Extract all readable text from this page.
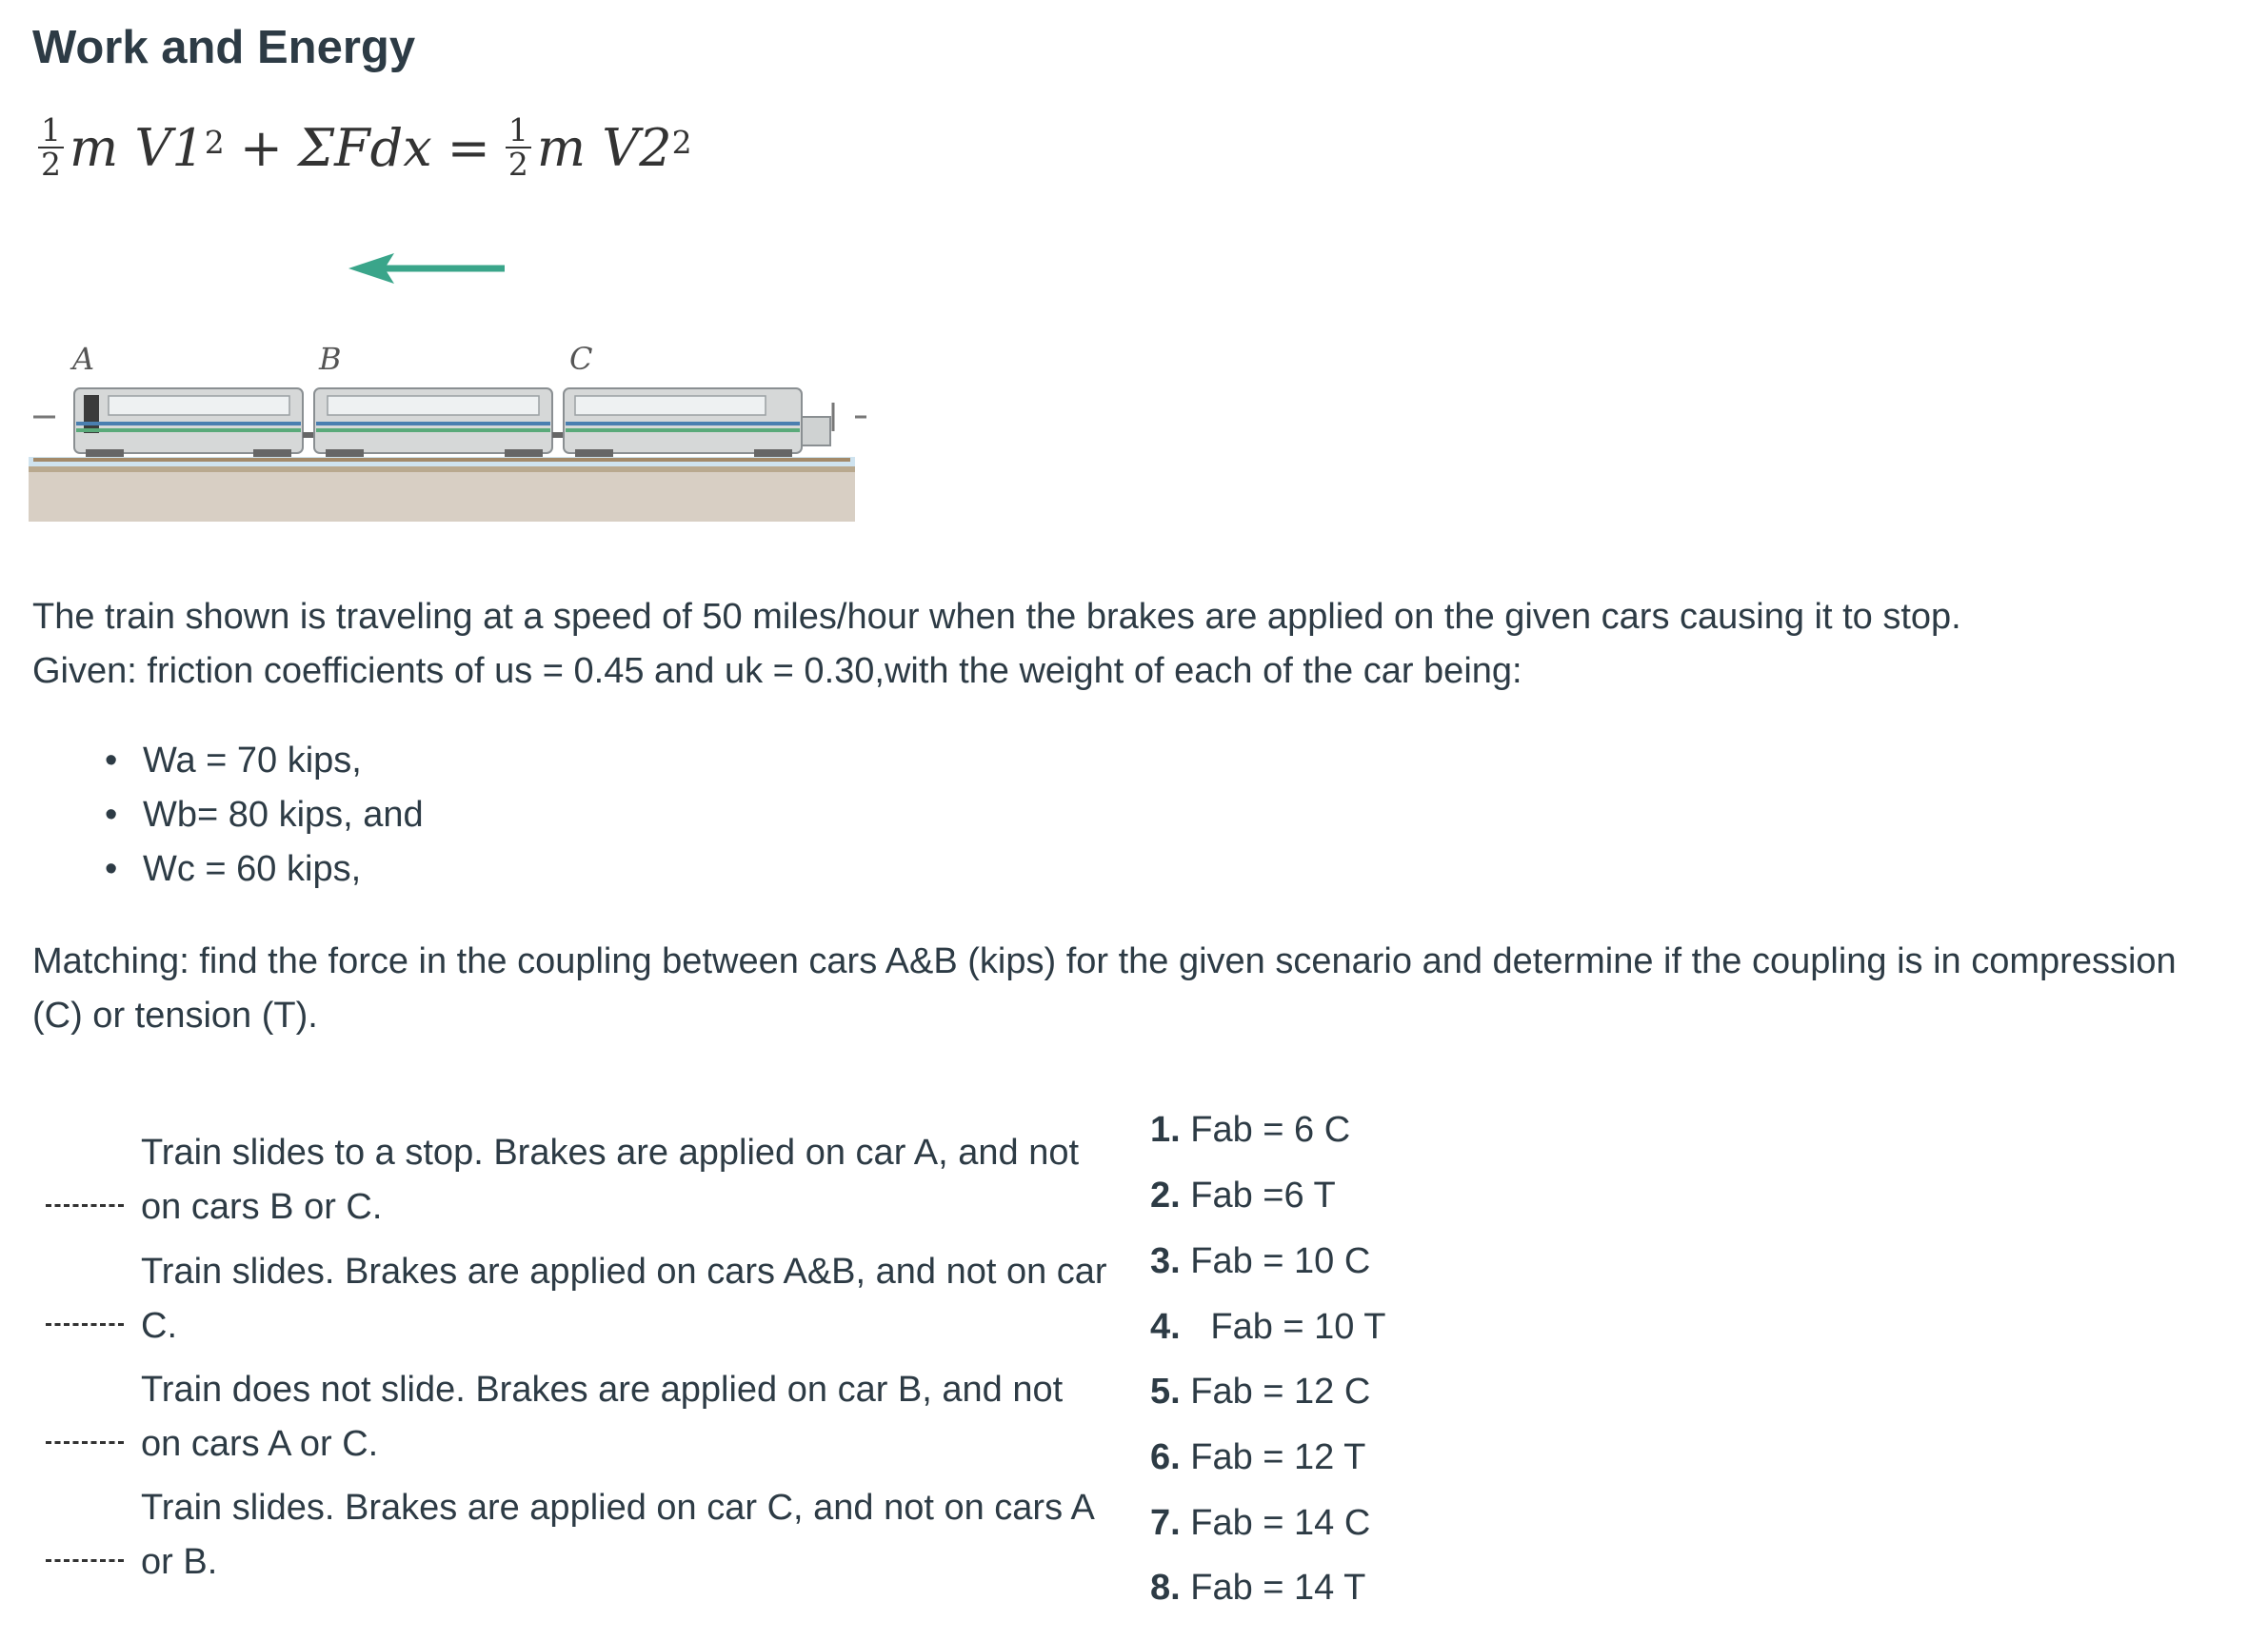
Work and Energy
$\frac{1}{2}$ m $V1^2 + \Sigma Fdx = \frac{1}{2}$ m $V2^2$
A	B	C
The train shown is traveling at a speed of 50 miles/hour when the brakes are applied on the given cars causing it to stop.
Given: friction coefficients of us = 0.45 and uk = 0.30,with the weight of each of the car being:
• Wa = 70 kips,
• Wb= 80 kips, and
• Wc = 60 kips,
Matching: find the force in the coupling between cars A&B (kips) for the given scenario and determine if the coupling is in compression
(C) or tension (T).
Train slides to a stop. Brakes are applied on car A, and not
on cars B or C.
Train slides. Brakes are applied on cars A&B, and not on car
C.
Train does not slide. Brakes are applied on car B, and not
on cars A or C.
Train slides. Brakes are applied on car C, and not on cars A
or B.
1. Fab = 6 C
2. Fab =6 T
3. Fab = 10 C
4.   Fab = 10 T
5. Fab = 12 C
6. Fab = 12 T
7. Fab = 14 C
8. Fab = 14 T
